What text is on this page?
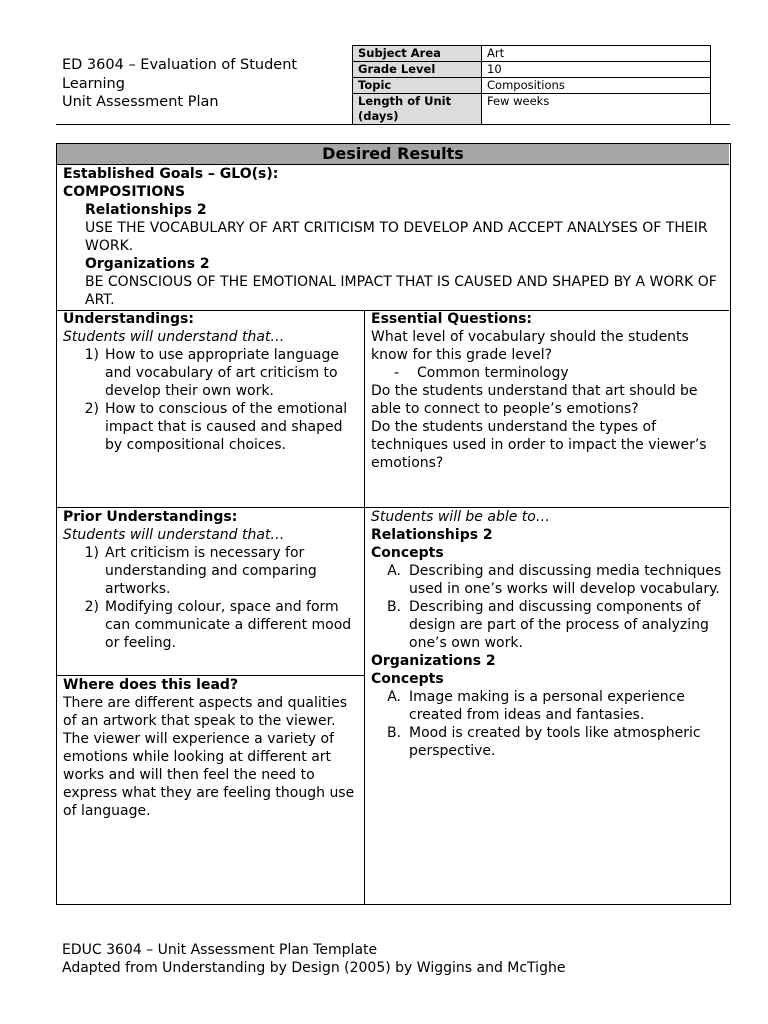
ED 3604 – Evaluation of Student
Learning
Unit Assessment Plan
Subject Area	Art
Grade Level	10
Topic	Compositions
Length of Unit (days)	Few weeks
Desired Results
Established Goals – GLO(s):
COMPOSITIONS
Relationships 2
USE THE VOCABULARY OF ART CRITICISM TO DEVELOP AND ACCEPT ANALYSES OF THEIR WORK.
Organizations 2
BE CONSCIOUS OF THE EMOTIONAL IMPACT THAT IS CAUSED AND SHAPED BY A WORK OF ART.
Understandings:
Students will understand that…
1) How to use appropriate language and vocabulary of art criticism to develop their own work.
2) How to conscious of the emotional impact that is caused and shaped by compositional choices.
Essential Questions:
What level of vocabulary should the students know for this grade level?
-	Common terminology
Do the students understand that art should be able to connect to people’s emotions?
Do the students understand the types of techniques used in order to impact the viewer’s emotions?
Prior Understandings:
Students will understand that…
1) Art criticism is necessary for understanding and comparing artworks.
2) Modifying colour, space and form can communicate a different mood or feeling.
Where does this lead?
There are different aspects and qualities of an artwork that speak to the viewer. The viewer will experience a variety of emotions while looking at different art works and will then feel the need to express what they are feeling though use of language.
Students will be able to…
Relationships 2
Concepts
A. Describing and discussing media techniques used in one’s works will develop vocabulary.
B. Describing and discussing components of design are part of the process of analyzing one’s own work.
Organizations 2
Concepts
A. Image making is a personal experience created from ideas and fantasies.
B. Mood is created by tools like atmospheric perspective.
EDUC 3604 – Unit Assessment Plan Template
Adapted from Understanding by Design (2005) by Wiggins and McTighe
